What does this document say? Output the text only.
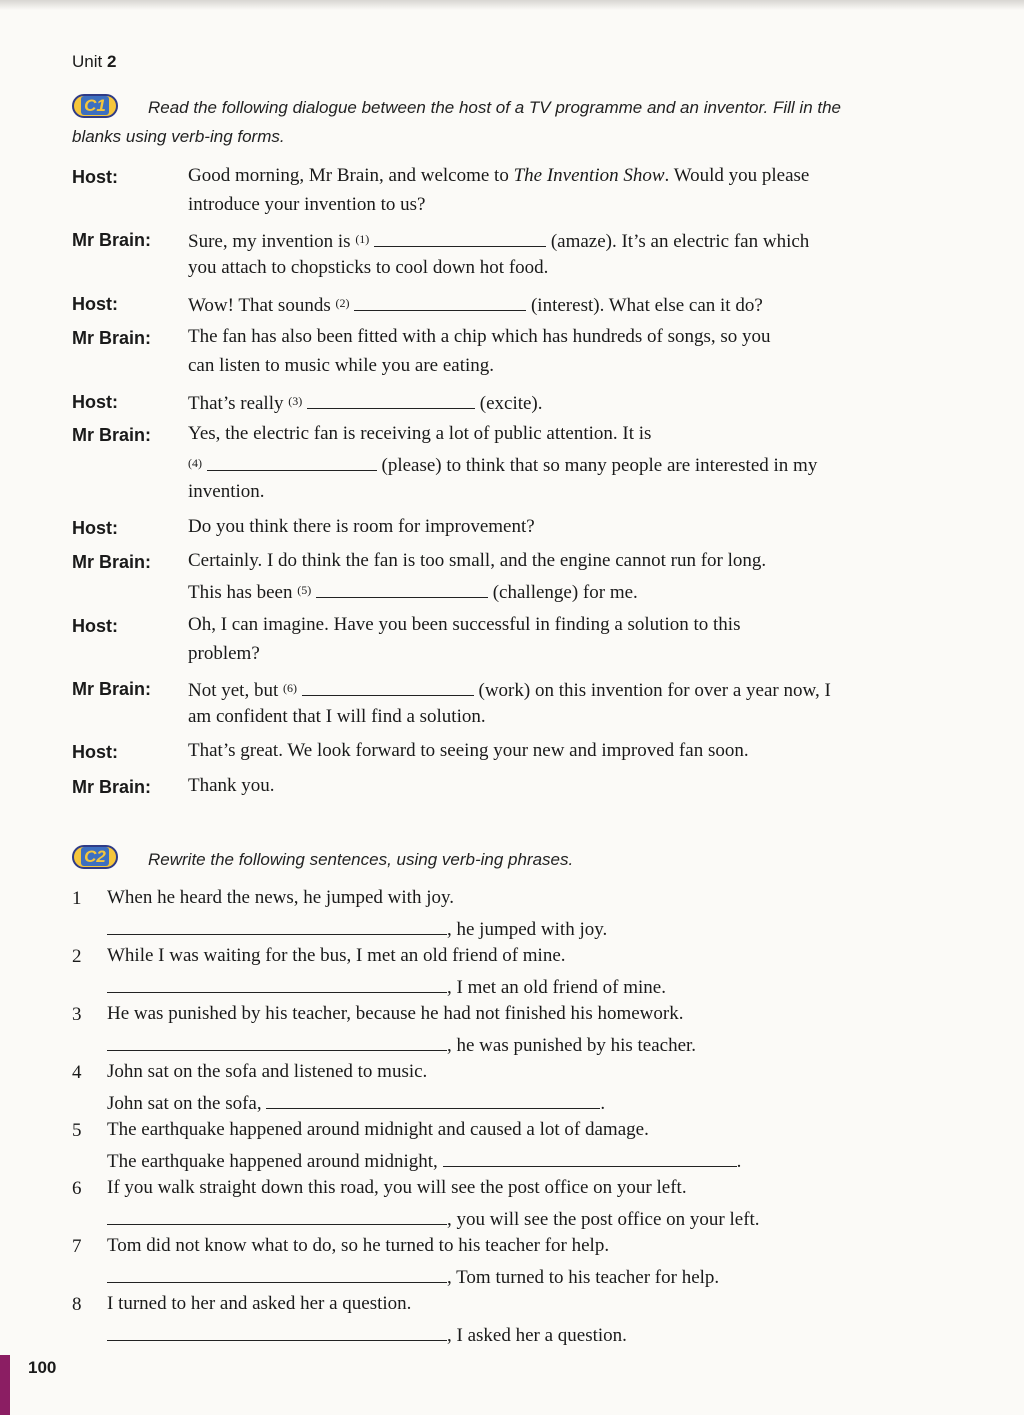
Unit 2
C1	Read the following dialogue between the host of a TV programme and an inventor. Fill in the
blanks using verb-ing forms.
Host:	Good morning, Mr Brain, and welcome to The Invention Show. Would you please
introduce your invention to us?
Mr Brain: Sure, my invention is $^{(1)}$	(amaze). It’s an electric fan which
you attach to chopsticks to cool down hot food.
Host:	Wow! That sounds $^{(2)}$	(interest). What else can it do?
Mr Brain: The fan has also been fitted with a chip which has hundreds of songs, so you
can listen to music while you are eating.
Host:	That’s really $^{(3)}$	(excite).
Mr Brain: Yes, the electric fan is receiving a lot of public attention. It is
$^{(4)}$	(please) to think that so many people are interested in my
invention.
Host:	Do you think there is room for improvement?
Mr Brain: Certainly. I do think the fan is too small, and the engine cannot run for long.
This has been $^{(5)}$	(challenge) for me.
Host:	Oh, I can imagine. Have you been successful in finding a solution to this
problem?
Mr Brain: Not yet, but $^{(6)}$	(work) on this invention for over a year now, I
am confident that I will find a solution.
Host:	That’s great. We look forward to seeing your new and improved fan soon.
Mr Brain: Thank you.
C2	Rewrite the following sentences, using verb-ing phrases.
1 When he heard the news, he jumped with joy.
, he jumped with joy.
2 While I was waiting for the bus, I met an old friend of mine.
, I met an old friend of mine.
3 He was punished by his teacher, because he had not finished his homework.
, he was punished by his teacher.
4 John sat on the sofa and listened to music.
John sat on the sofa,	.
5 The earthquake happened around midnight and caused a lot of damage.
The earthquake happened around midnight,	.
6 If you walk straight down this road, you will see the post office on your left.
, you will see the post office on your left.
7 Tom did not know what to do, so he turned to his teacher for help.
, Tom turned to his teacher for help.
8 I turned to her and asked her a question.
, I asked her a question.
100
